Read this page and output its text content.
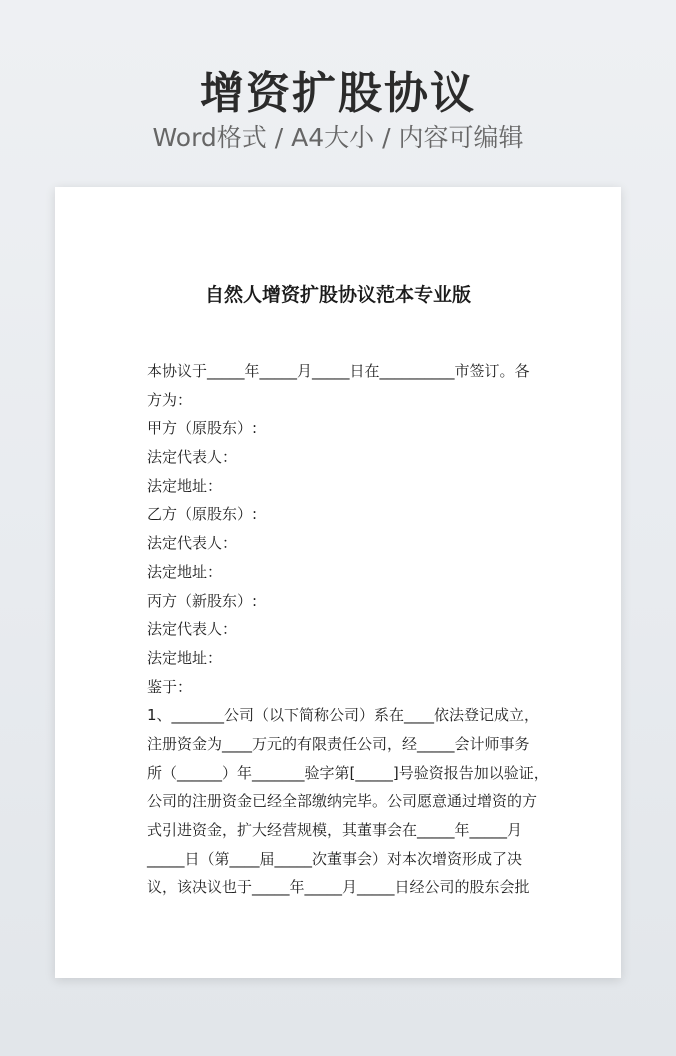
增资扩股协议
Word格式 / A4大小 / 内容可编辑
自然人增资扩股协议范本专业版
本协议于_____年_____月_____日在__________市签订。各
方为：
甲方（原股东）:
法定代表人：
法定地址：
乙方（原股东）:
法定代表人：
法定地址：
丙方（新股东）:
法定代表人：
法定地址：
鉴于：
1、_______公司（以下简称公司）系在____依法登记成立，
注册资金为____万元的有限责任公司，经_____会计师事务
所（______）年_______验字第[_____]号验资报告加以验证，
公司的注册资金已经全部缴纳完毕。公司愿意通过增资的方
式引进资金，扩大经营规模，其董事会在_____年_____月
_____日（第____届_____次董事会）对本次增资形成了决
议，该决议也于_____年_____月_____日经公司的股东会批
